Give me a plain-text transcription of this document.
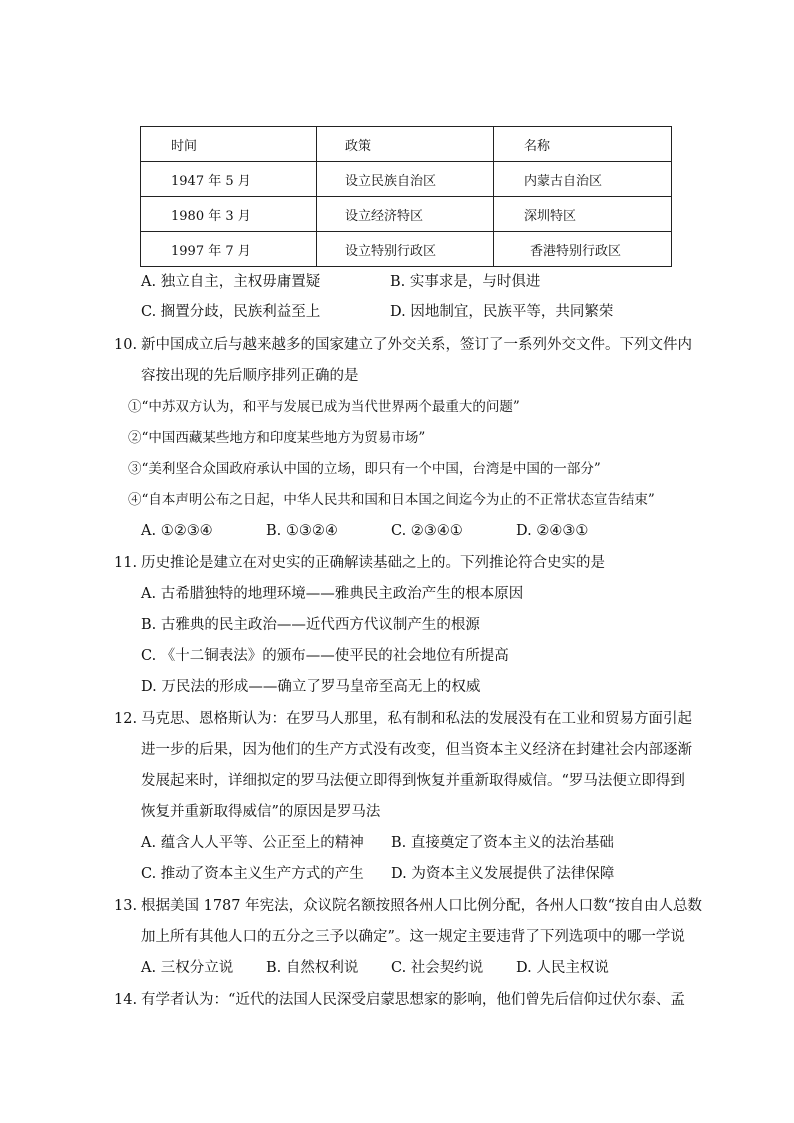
时间	政策	名称
1947 年 5 月	设立民族自治区	内蒙古自治区
1980 年 3 月	设立经济特区	深圳特区
1997 年 7 月	设立特别行政区	香港特别行政区
A. 独立自主，主权毋庸置疑	B. 实事求是，与时俱进
C. 搁置分歧，民族利益至上	D. 因地制宜，民族平等，共同繁荣
10. 新中国成立后与越来越多的国家建立了外交关系，签订了一系列外交文件。下列文件内
容按出现的先后顺序排列正确的是
①“中苏双方认为，和平与发展已成为当代世界两个最重大的问题”
②“中国西藏某些地方和印度某些地方为贸易市场”
③“美利坚合众国政府承认中国的立场，即只有一个中国，台湾是中国的一部分”
④“自本声明公布之日起，中华人民共和国和日本国之间迄今为止的不正常状态宣告结束”
A. ①②③④	B. ①③②④	C. ②③④①	D. ②④③①
11. 历史推论是建立在对史实的正确解读基础之上的。下列推论符合史实的是
A. 古希腊独特的地理环境——雅典民主政治产生的根本原因
B. 古雅典的民主政治——近代西方代议制产生的根源
C. 《十二铜表法》的颁布——使平民的社会地位有所提高
D. 万民法的形成——确立了罗马皇帝至高无上的权威
12. 马克思、恩格斯认为：在罗马人那里，私有制和私法的发展没有在工业和贸易方面引起
进一步的后果，因为他们的生产方式没有改变，但当资本主义经济在封建社会内部逐渐
发展起来时，详细拟定的罗马法便立即得到恢复并重新取得威信。“罗马法便立即得到
恢复并重新取得威信”的原因是罗马法
A. 蕴含人人平等、公正至上的精神 B. 直接奠定了资本主义的法治基础
C. 推动了资本主义生产方式的产生 D. 为资本主义发展提供了法律保障
13. 根据美国 1787 年宪法，众议院名额按照各州人口比例分配，各州人口数“按自由人总数
加上所有其他人口的五分之三予以确定”。这一规定主要违背了下列选项中的哪一学说
A. 三权分立说 B. 自然权利说 C. 社会契约说 D. 人民主权说
14. 有学者认为：“近代的法国人民深受启蒙思想家的影响，他们曾先后信仰过伏尔泰、孟
